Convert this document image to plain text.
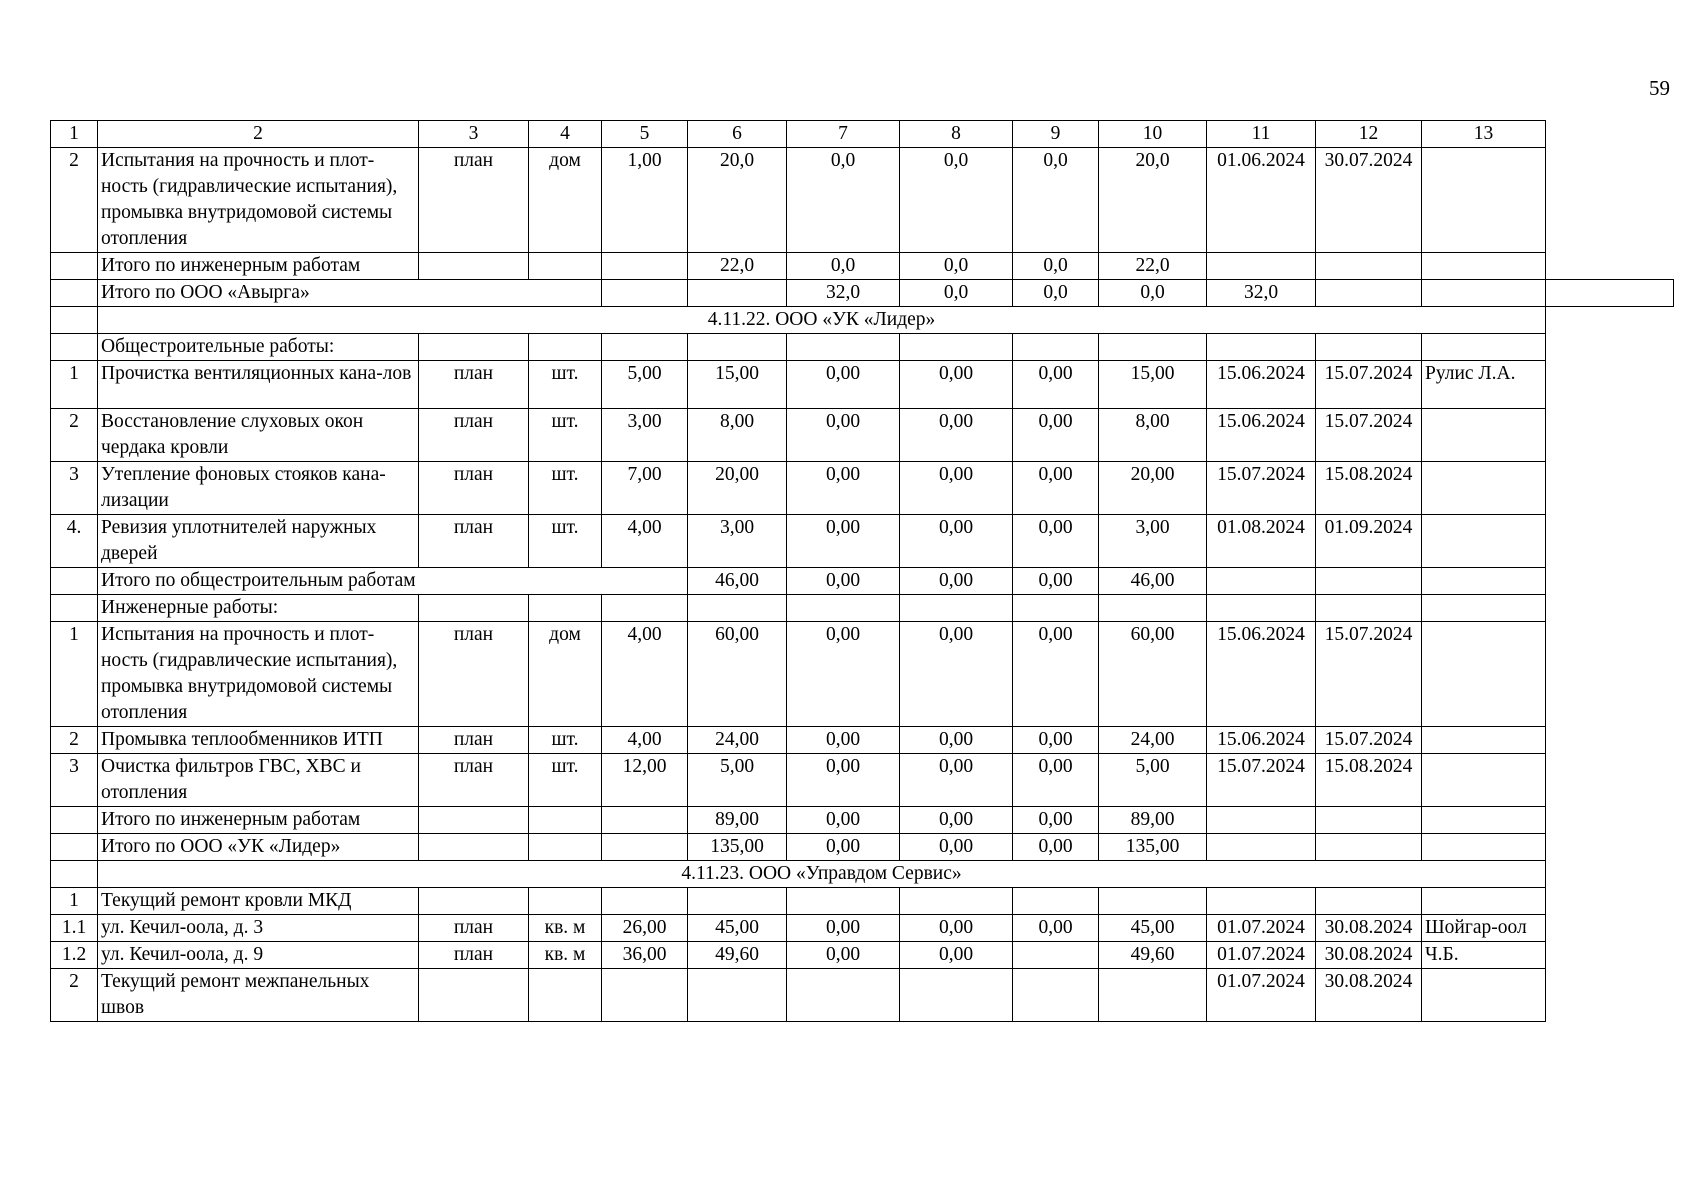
59
1	2	3	4	5	6	7	8	9	10	11	12	13	
2	Испытания на прочность и плот-ность (гидравлические испытания), промывка внутридомовой системы отопления	план	дом	1,00	20,0	0,0	0,0	0,0	20,0	01.06.2024	30.07.2024		
	Итого по инженерным работам				22,0	0,0	0,0	0,0	22,0				
	Итого по ООО «Авырга»					32,0	0,0	0,0	0,0	32,0			
	4.11.22. ООО «УК «Лидер»												
	Общестроительные работы:												
1	Прочистка вентиляционных кана-лов	план	шт.	5,00	15,00	0,00	0,00	0,00	15,00	15.06.2024	15.07.2024	Рулис Л.А.	
2	Восстановление слуховых окон чердака кровли	план	шт.	3,00	8,00	0,00	0,00	0,00	8,00	15.06.2024	15.07.2024		
3	Утепление фоновых стояков кана-лизации	план	шт.	7,00	20,00	0,00	0,00	0,00	20,00	15.07.2024	15.08.2024		
4.	Ревизия уплотнителей наружных дверей	план	шт.	4,00	3,00	0,00	0,00	0,00	3,00	01.08.2024	01.09.2024		
	Итого по общестроительным работам				46,00	0,00	0,00	0,00	46,00				
	Инженерные работы:												
1	Испытания на прочность и плот-ность (гидравлические испытания), промывка внутридомовой системы отопления	план	дом	4,00	60,00	0,00	0,00	0,00	60,00	15.06.2024	15.07.2024		
2	Промывка теплообменников ИТП	план	шт.	4,00	24,00	0,00	0,00	0,00	24,00	15.06.2024	15.07.2024		
3	Очистка фильтров ГВС, ХВС и отопления	план	шт.	12,00	5,00	0,00	0,00	0,00	5,00	15.07.2024	15.08.2024		
	Итого по инженерным работам				89,00	0,00	0,00	0,00	89,00				
	Итого по ООО «УК «Лидер»				135,00	0,00	0,00	0,00	135,00				
	4.11.23. ООО «Управдом Сервис»												
1	Текущий ремонт кровли МКД												
1.1	ул. Кечил-оола, д. 3	план	кв. м	26,00	45,00	0,00	0,00	0,00	45,00	01.07.2024	30.08.2024	Шойгар-оол	
1.2	ул. Кечил-оола, д. 9	план	кв. м	36,00	49,60	0,00	0,00		49,60	01.07.2024	30.08.2024	Ч.Б.	
2	Текущий ремонт межпанельных швов									01.07.2024	30.08.2024		
